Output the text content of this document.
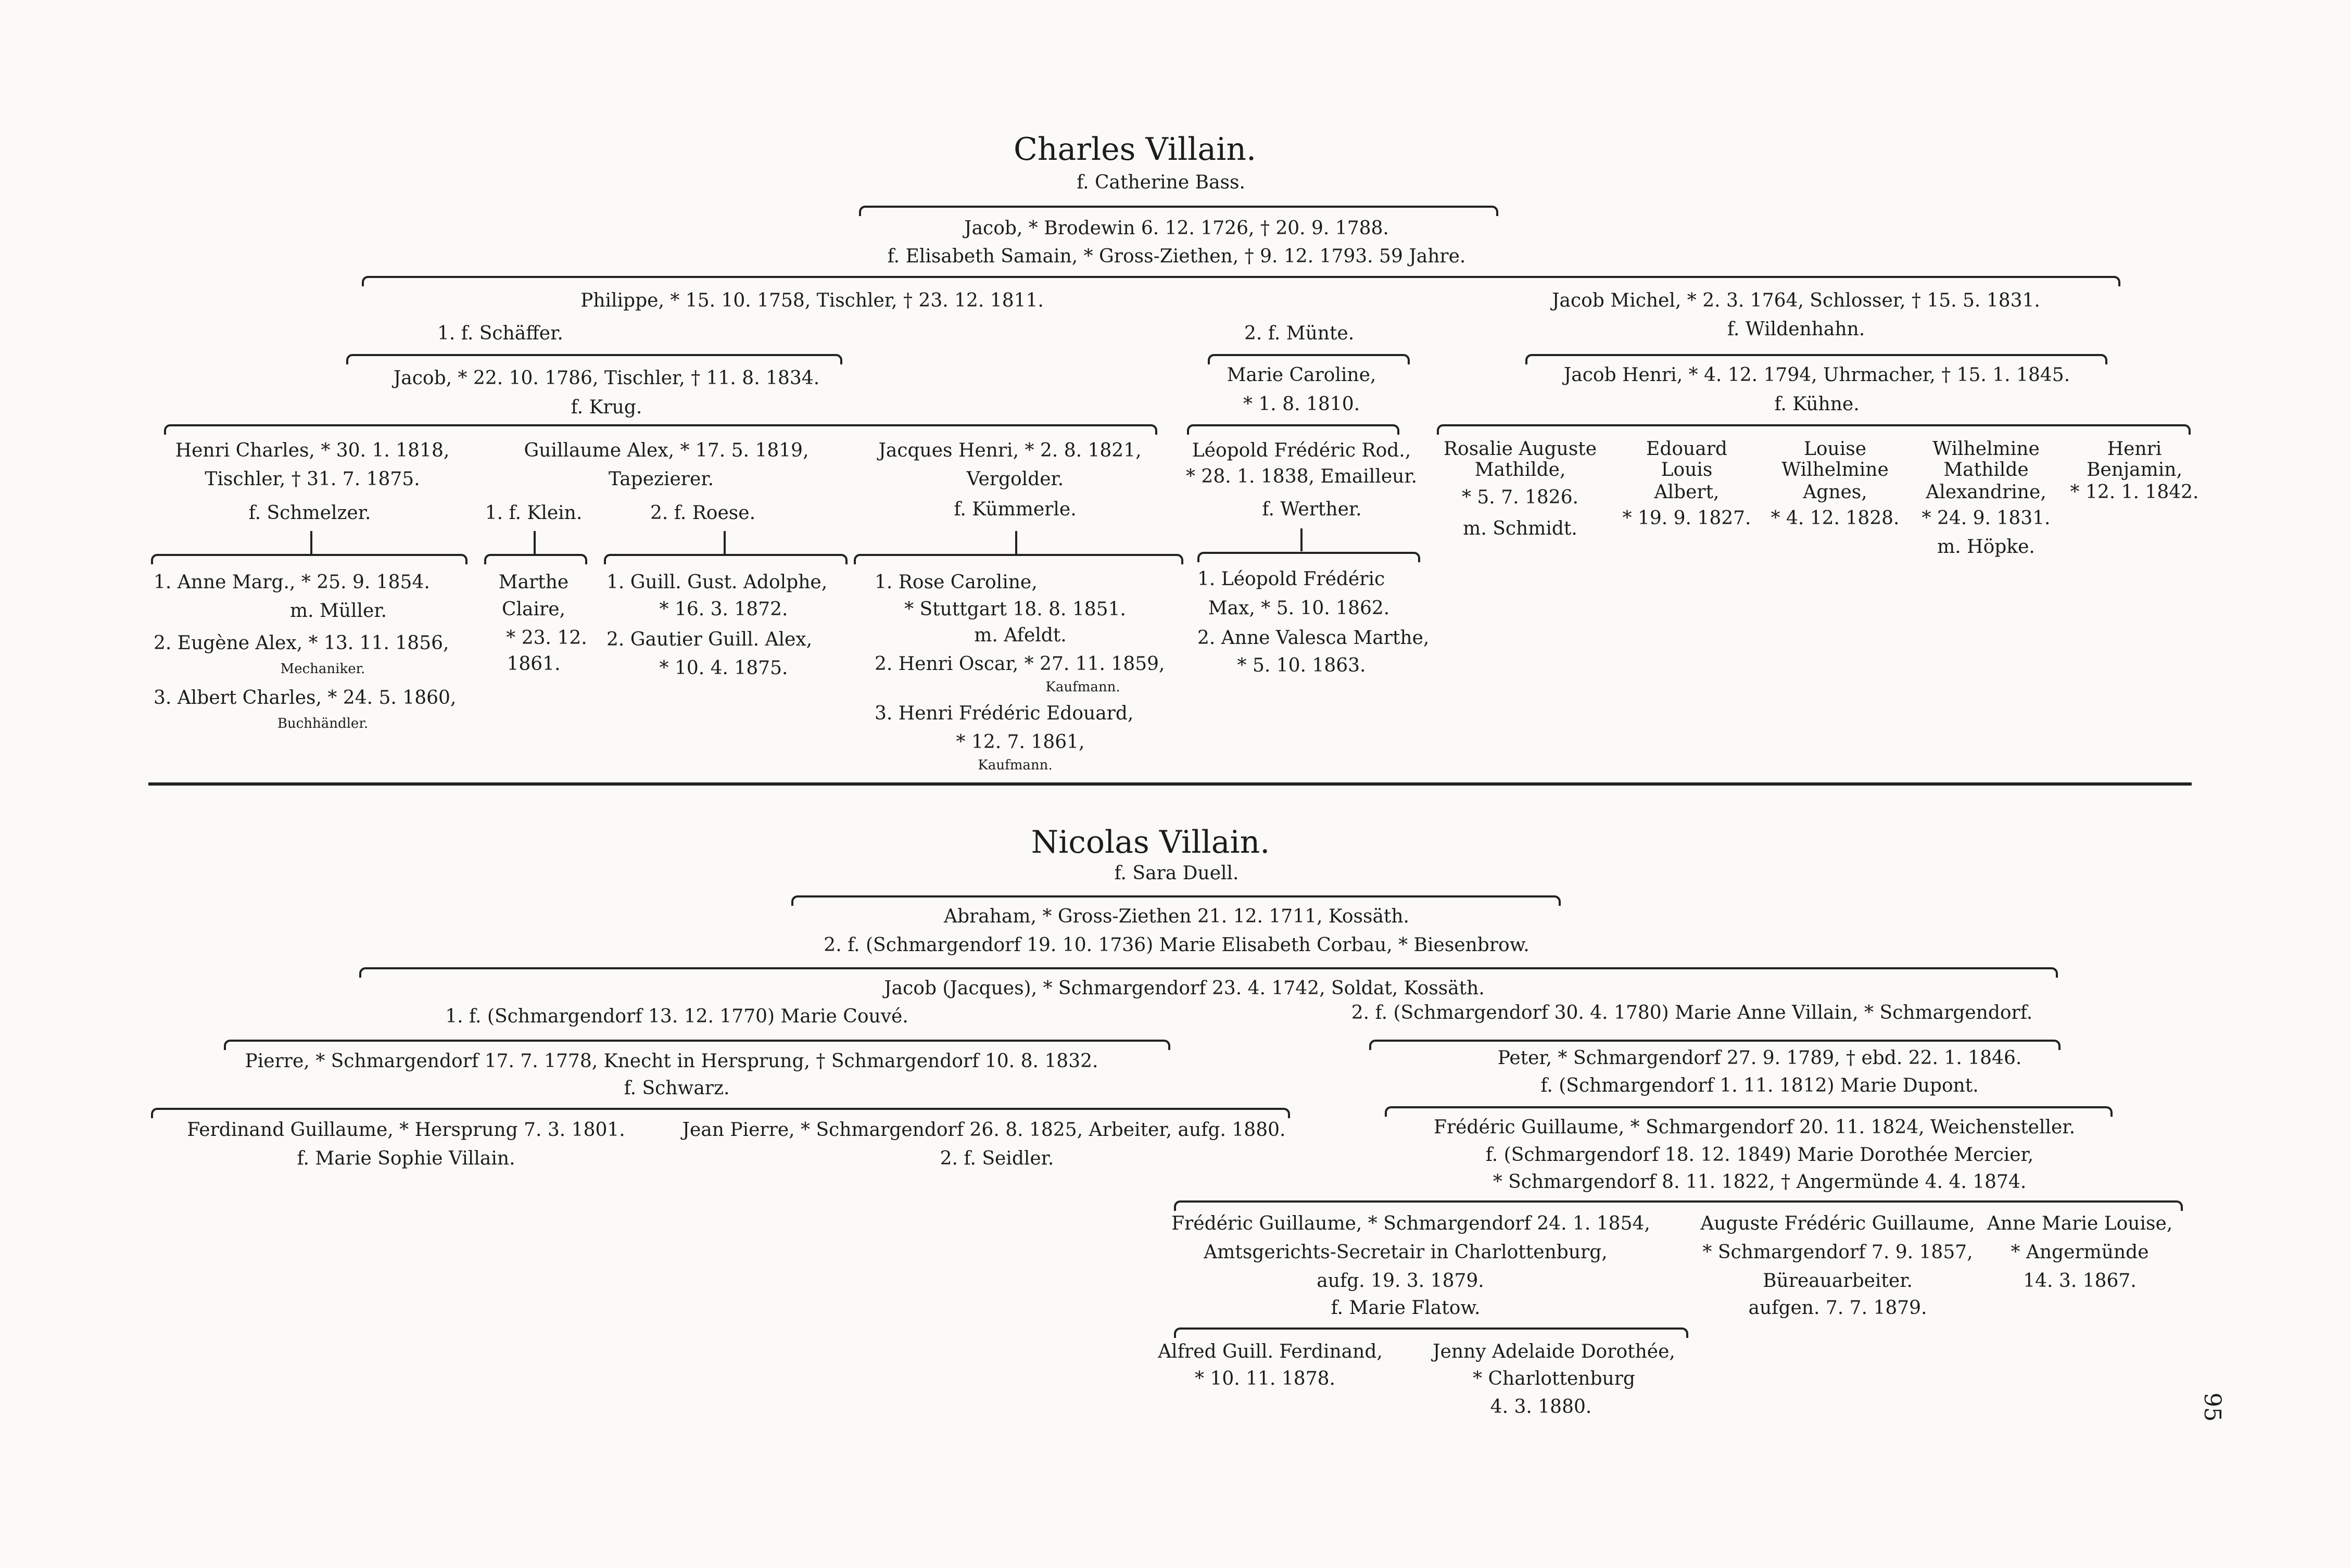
Charles Villain.
f. Catherine Bass.
Jacob, * Brodewin 6. 12. 1726, † 20. 9. 1788.
f. Elisabeth Samain, * Gross-Ziethen, † 9. 12. 1793. 59 Jahre.
Philippe, * 15. 10. 1758, Tischler, † 23. 12. 1811.
1. f. Schäffer.	2. f. Münte.
Jacob Michel, * 2. 3. 1764, Schlosser, † 15. 5. 1831.
f. Wildenhahn.
Jacob, * 22. 10. 1786, Tischler, † 11. 8. 1834.
f. Krug.
Marie Caroline,
* 1. 8. 1810.
Jacob Henri, * 4. 12. 1794, Uhrmacher, † 15. 1. 1845.
f. Kühne.
Henri Charles, * 30. 1. 1818,
Tischler, † 31. 7. 1875.
f. Schmelzer.
Guillaume Alex, * 17. 5. 1819,
Tapezierer.
1. f. Klein.	2. f. Roese.
Jacques Henri, * 2. 8. 1821,
Vergolder.
f. Kümmerle.
Léopold Frédéric Rod.,
* 28. 1. 1838, Emailleur.
f. Werther.
Rosalie Auguste
Mathilde,
* 5. 7. 1826.
m. Schmidt.
Edouard
Louis
Albert,
* 19. 9. 1827.
Louise
Wilhelmine
Agnes,
* 4. 12. 1828.
Wilhelmine
Mathilde
Alexandrine,
* 24. 9. 1831.
m. Höpke.
Henri
Benjamin,
* 12. 1. 1842.
1. Anne Marg., * 25. 9. 1854.
m. Müller.
2. Eugène Alex, * 13. 11. 1856,
Mechaniker.
3. Albert Charles, * 24. 5. 1860,
Buchhändler.
Marthe
Claire,
* 23. 12.
1861.
1. Guill. Gust. Adolphe,
* 16. 3. 1872.
2. Gautier Guill. Alex,
* 10. 4. 1875.
1. Rose Caroline,
* Stuttgart 18. 8. 1851.
m. Afeldt.
2. Henri Oscar, * 27. 11. 1859,
Kaufmann.
3. Henri Frédéric Edouard,
* 12. 7. 1861,
Kaufmann.
1. Léopold Frédéric
Max, * 5. 10. 1862.
2. Anne Valesca Marthe,
* 5. 10. 1863.
Nicolas Villain.
f. Sara Duell.
Abraham, * Gross-Ziethen 21. 12. 1711, Kossäth.
2. f. (Schmargendorf 19. 10. 1736) Marie Elisabeth Corbau, * Biesenbrow.
Jacob (Jacques), * Schmargendorf 23. 4. 1742, Soldat, Kossäth.
1. f. (Schmargendorf 13. 12. 1770) Marie Couvé.	2. f. (Schmargendorf 30. 4. 1780) Marie Anne Villain, * Schmargendorf.
Pierre, * Schmargendorf 17. 7. 1778, Knecht in Hersprung, † Schmargendorf 10. 8. 1832.
f. Schwarz.
Peter, * Schmargendorf 27. 9. 1789, † ebd. 22. 1. 1846.
f. (Schmargendorf 1. 11. 1812) Marie Dupont.
Ferdinand Guillaume, * Hersprung 7. 3. 1801.
f. Marie Sophie Villain.
Jean Pierre, * Schmargendorf 26. 8. 1825, Arbeiter, aufg. 1880.
2. f. Seidler.
Frédéric Guillaume, * Schmargendorf 20. 11. 1824, Weichensteller.
f. (Schmargendorf 18. 12. 1849) Marie Dorothée Mercier,
* Schmargendorf 8. 11. 1822, † Angermünde 4. 4. 1874.
Frédéric Guillaume, * Schmargendorf 24. 1. 1854,
Amtsgerichts-Secretair in Charlottenburg,
aufg. 19. 3. 1879.
f. Marie Flatow.
Auguste Frédéric Guillaume,
* Schmargendorf 7. 9. 1857,
Büreauarbeiter.
aufgen. 7. 7. 1879.
Anne Marie Louise,
* Angermünde
14. 3. 1867.
Alfred Guill. Ferdinand,
* 10. 11. 1878.
Jenny Adelaide Dorothée,
* Charlottenburg
4. 3. 1880.	95
